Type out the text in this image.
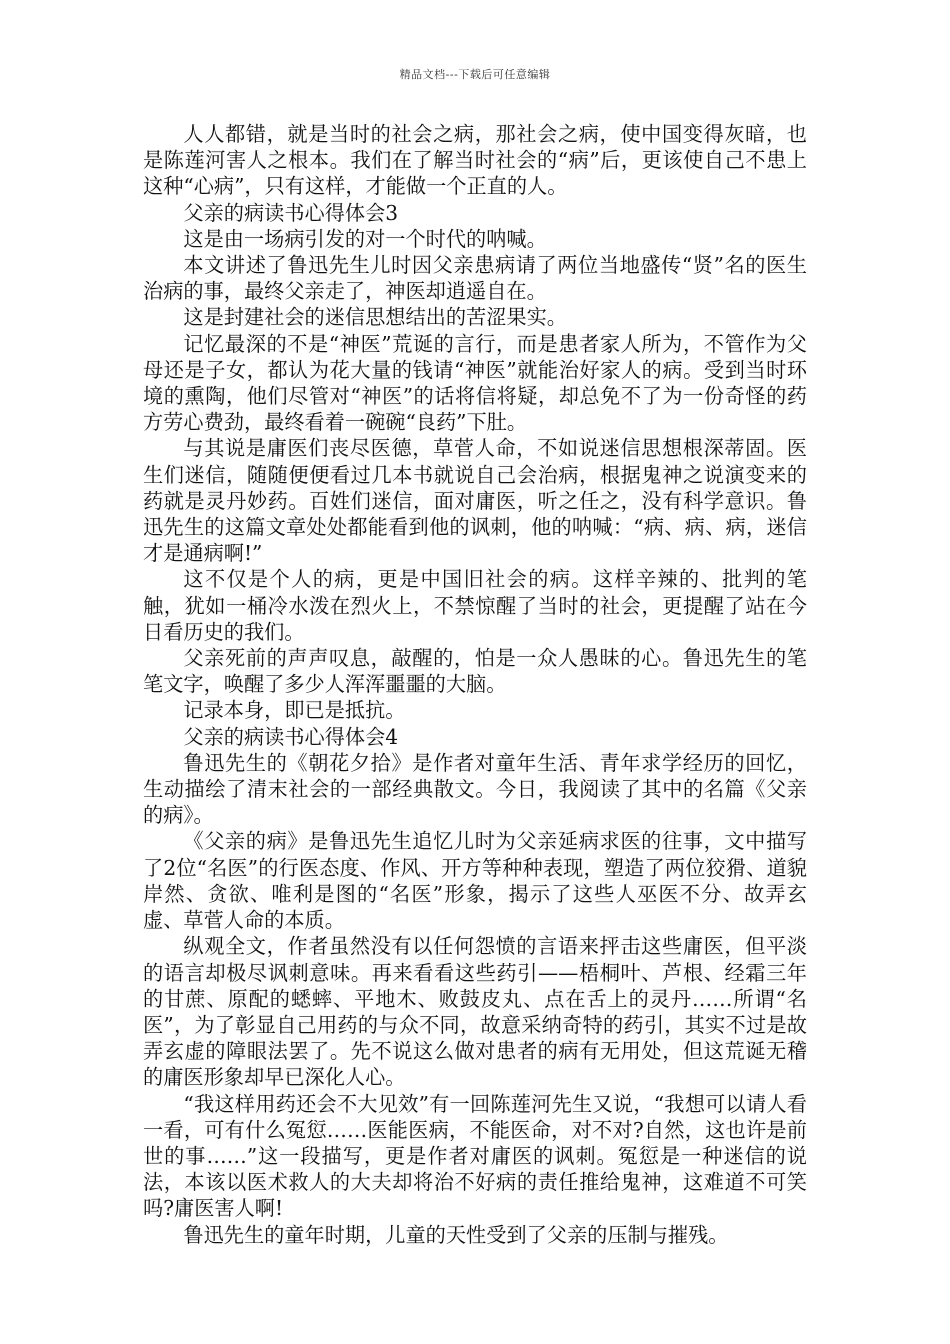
精品文档---下载后可任意编辑

人人都错，就是当时的社会之病，那社会之病，使中国变得灰暗，也是陈莲河害人之根本。我们在了解当时社会的“病”后，更该使自己不患上这种“心病”，只有这样，才能做一个正直的人。

父亲的病读书心得体会3

这是由一场病引发的对一个时代的呐喊。

本文讲述了鲁迅先生儿时因父亲患病请了两位当地盛传“贤”名的医生治病的事，最终父亲走了，神医却逍遥自在。

这是封建社会的迷信思想结出的苦涩果实。

记忆最深的不是“神医”荒诞的言行，而是患者家人所为，不管作为父母还是子女，都认为花大量的钱请“神医”就能治好家人的病。受到当时环境的熏陶，他们尽管对“神医”的话将信将疑，却总免不了为一份奇怪的药方劳心费劲，最终看着一碗碗“良药”下肚。

与其说是庸医们丧尽医德，草菅人命，不如说迷信思想根深蒂固。医生们迷信，随随便便看过几本书就说自己会治病，根据鬼神之说演变来的药就是灵丹妙药。百姓们迷信，面对庸医，听之任之，没有科学意识。鲁迅先生的这篇文章处处都能看到他的讽刺，他的呐喊：“病、病、病，迷信才是通病啊!”

这不仅是个人的病，更是中国旧社会的病。这样辛辣的、批判的笔触，犹如一桶冷水泼在烈火上，不禁惊醒了当时的社会，更提醒了站在今日看历史的我们。

父亲死前的声声叹息，敲醒的，怕是一众人愚昧的心。鲁迅先生的笔笔文字，唤醒了多少人浑浑噩噩的大脑。

记录本身，即已是抵抗。

父亲的病读书心得体会4

鲁迅先生的《朝花夕拾》是作者对童年生活、青年求学经历的回忆，生动描绘了清末社会的一部经典散文。今日，我阅读了其中的名篇《父亲的病》。

《父亲的病》是鲁迅先生追忆儿时为父亲延病求医的往事，文中描写了2位“名医”的行医态度、作风、开方等种种表现，塑造了两位狡猾、道貌岸然、贪欲、唯利是图的“名医”形象，揭示了这些人巫医不分、故弄玄虚、草菅人命的本质。

纵观全文，作者虽然没有以任何怨愤的言语来抨击这些庸医，但平淡的语言却极尽讽刺意味。再来看看这些药引——梧桐叶、芦根、经霜三年的甘蔗、原配的蟋蟀、平地木、败鼓皮丸、点在舌上的灵丹……所谓“名医”，为了彰显自己用药的与众不同，故意采纳奇特的药引，其实不过是故弄玄虚的障眼法罢了。先不说这么做对患者的病有无用处，但这荒诞无稽的庸医形象却早已深化人心。

“我这样用药还会不大见效”有一回陈莲河先生又说，“我想可以请人看一看，可有什么冤愆……医能医病，不能医命，对不对?自然，这也许是前世的事……”这一段描写，更是作者对庸医的讽刺。冤愆是一种迷信的说法，本该以医术救人的大夫却将治不好病的责任推给鬼神，这难道不可笑吗?庸医害人啊!

鲁迅先生的童年时期，儿童的天性受到了父亲的压制与摧残。
